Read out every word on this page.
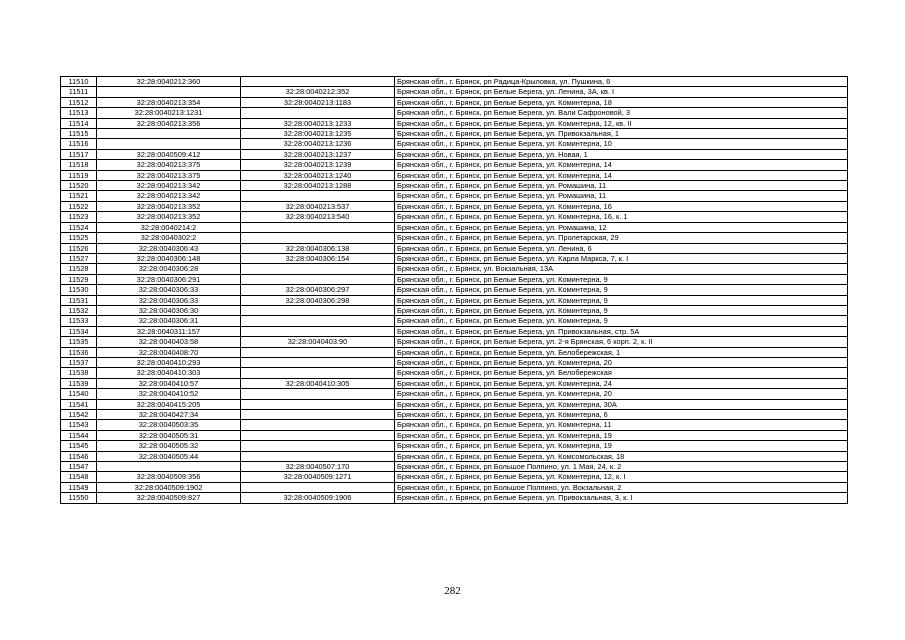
11510	32:28:0040212:360		Брянская обл., г. Брянск, рп Радица-Крыловка, ул. Пушкина, 6
11511		32:28:0040212:352	Брянская обл., г. Брянск, рп Белые Берега, ул. Ленина, 3А, кв. I
11512	32:28:0040213:354	32:28:0040213:1183	Брянская обл., г. Брянск, рп Белые Берега, ул. Коминтерна, 18
11513	32:28:0040213:1231		Брянская обл., г. Брянск, рп Белые Берега, ул. Вали Сафроновой, 3
11514	32:28:0040213:356	32:28:0040213:1233	Брянская обл., г. Брянск, рп Белые Берега, ул. Коминтерна, 12, кв. II
11515		32:28:0040213:1235	Брянская обл., г. Брянск, рп Белые Берега, ул. Привокзальная, 1
11516		32:28:0040213:1236	Брянская обл., г. Брянск, рп Белые Берега, ул. Коминтерна, 10
11517	32:28:0040509:412	32:28:0040213:1237	Брянская обл., г. Брянск, рп Белые Берега, ул. Новая, 1
11518	32:28:0040213:375	32:28:0040213:1239	Брянская обл., г. Брянск, рп Белые Берега, ул. Коминтерна, 14
11519	32:28:0040213:375	32:28:0040213:1240	Брянская обл., г. Брянск, рп Белые Берега, ул. Коминтерна, 14
11520	32:28:0040213:342	32:28:0040213:1288	Брянская обл., г. Брянск, рп Белые Берега, ул. Ромашина, 11
11521	32:28:0040213:342		Брянская обл., г. Брянск, рп Белые Берега, ул. Ромашина, 11
11522	32:28:0040213:352	32:28:0040213:537	Брянская обл., г. Брянск, рп Белые Берега, ул. Коминтерна, 16
11523	32:28:0040213:352	32:28:0040213:540	Брянская обл., г. Брянск, рп Белые Берега, ул. Коминтерна, 16, к. 1
11524	32:28:0040214:2		Брянская обл., г. Брянск, рп Белые Берега, ул. Ромашина, 12
11525	32:28:0040302:2		Брянская обл., г. Брянск, рп Белые Берега, ул. Пролетарская, 29
11526	32:28:0040306:43	32:28:0040306:138	Брянская обл., г. Брянск, рп Белые Берега, ул. Ленина, 6
11527	32:28:0040306:148	32:28:0040306:154	Брянская обл., г. Брянск, рп Белые Берега, ул. Карла Маркса, 7, к. I
11528	32:28:0040306:28		Брянская обл., г. Брянск, ул. Вокзальная, 13А
11529	32:28:0040306:291		Брянская обл., г. Брянск, рп Белые Берега, ул. Коминтерна, 9
11530	32:28:0040306:33	32:28:0040306:297	Брянская обл., г. Брянск, рп Белые Берега, ул. Коминтерна, 9
11531	32:28:0040306:33	32:28:0040306:298	Брянская обл., г. Брянск, рп Белые Берега, ул. Коминтерна, 9
11532	32:28:0040306:30		Брянская обл., г. Брянск, рп Белые Берега, ул. Коминтерна, 9
11533	32:28:0040306:31		Брянская обл., г. Брянск, рп Белые Берега, ул. Коминтерна, 9
11534	32:28:0040311:157		Брянская обл., г. Брянск, рп Белые Берега, ул. Привокзальная, стр. 5А
11535	32:28:0040403:58	32:28:0040403:90	Брянская обл., г. Брянск, рп Белые Берега, ул. 2-я Брянская, 6 корп. 2, к. II
11536	32:28:0040408:70		Брянская обл., г. Брянск, рп Белые Берега, ул. Белобережская, 1
11537	32:28:0040410:293		Брянская обл., г. Брянск, рп Белые Берега, ул. Коминтерна, 20
11538	32:28:0040410:303		Брянская обл., г. Брянск, рп Белые Берега, ул. Белобережская
11539	32:28:0040410:57	32:28:0040410:305	Брянская обл., г. Брянск, рп Белые Берега, ул. Коминтерна, 24
11540	32:28:0040410:52		Брянская обл., г. Брянск, рп Белые Берега, ул. Коминтерна, 20
11541	32:28:0040415:205		Брянская обл., г. Брянск, рп Белые Берега, ул. Коминтерна, 30А
11542	32:28:0040427:34		Брянская обл., г. Брянск, рп Белые Берега, ул. Коминтерна, 6
11543	32:28:0040503:35		Брянская обл., г. Брянск, рп Белые Берега, ул. Коминтерна, 11
11544	32:28:0040505:31		Брянская обл., г. Брянск, рп Белые Берега, ул. Коминтерна, 19
11545	32:28:0040505:32		Брянская обл., г. Брянск, рп Белые Берега, ул. Коминтерна, 19
11546	32:28:0040505:44		Брянская обл., г. Брянск, рп Белые Берега, ул. Комсомольская, 18
11547		32:28:0040507:170	Брянская обл., г. Брянск, рп Большое Полпино, ул. 1 Мая, 24, к. 2
11548	32:28:0040509:356	32:28:0040509:1271	Брянская обл., г. Брянск, рп Белые Берега, ул. Коминтерна, 12, к. I
11549	32:28:0040509:1902		Брянская обл., г. Брянск, рп Большое Полпино, ул. Вокзальная, 2
11550	32:28:0040509:827	32:28:0040509:1906	Брянская обл., г. Брянск, рп Белые Берега, ул. Привокзальная, 3, к. I
282
